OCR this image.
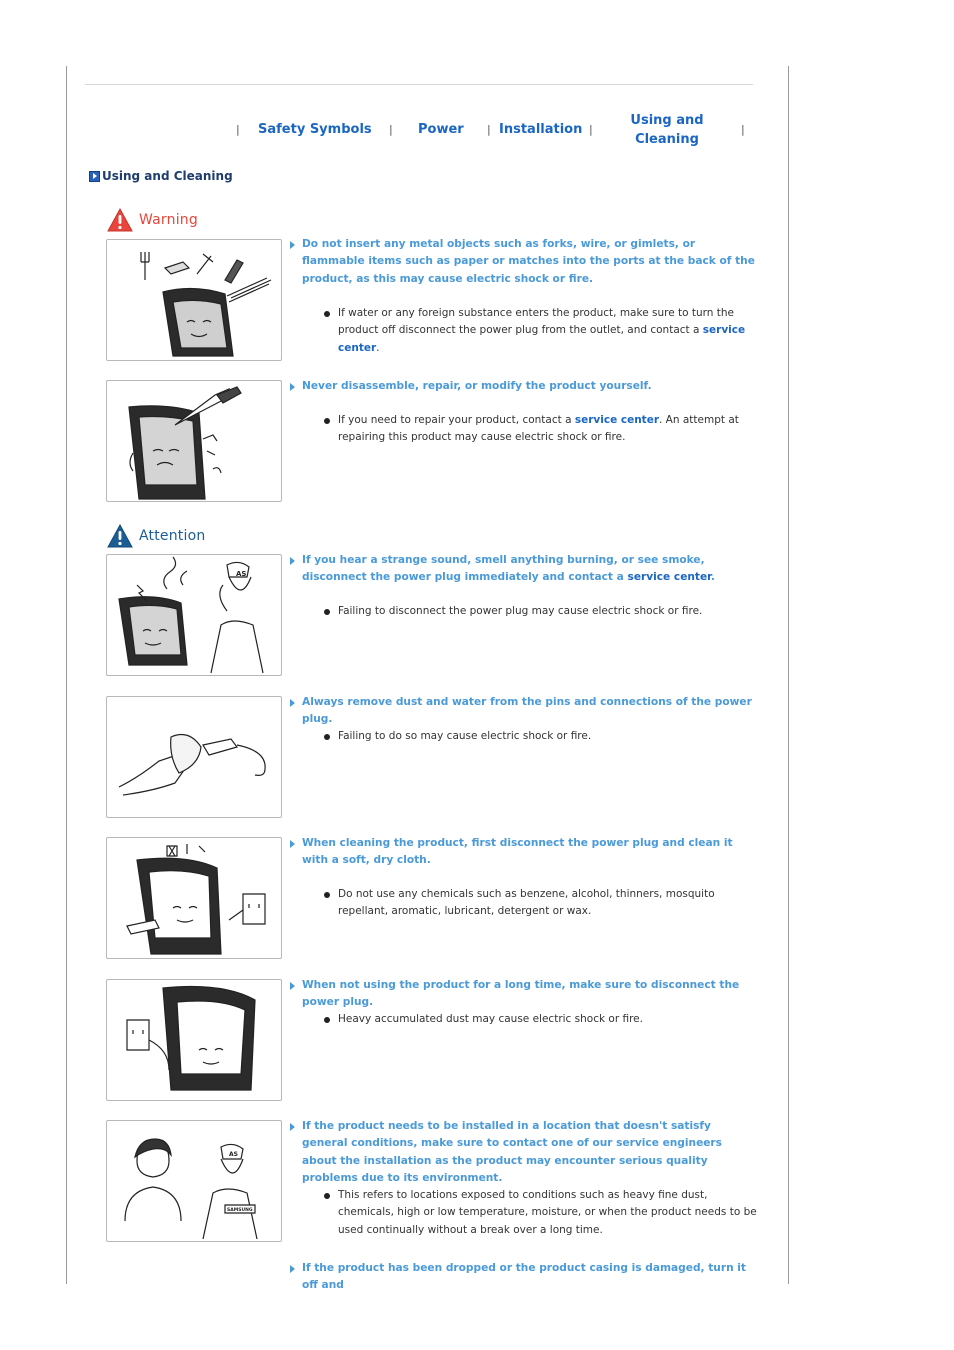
| Safety Symbols | Power | Installation |
Using and
Cleaning
|
Using and Cleaning
Warning
Attention
Do not insert any metal objects such as forks, wire, or gimlets, or flammable items such as paper or matches into the ports at the back of the product, as this may cause electric shock or fire.
If water or any foreign substance enters the product, make sure to turn the product off disconnect the power plug from the outlet, and contact a service center.
Never disassemble, repair, or modify the product yourself.
If you need to repair your product, contact a service center. An attempt at repairing this product may cause electric shock or fire.
AS
If you hear a strange sound, smell anything burning, or see smoke, disconnect the power plug immediately and contact a service center.
Failing to disconnect the power plug may cause electric shock or fire.
Always remove dust and water from the pins and connections of the power plug.
Failing to do so may cause electric shock or fire.
When cleaning the product, first disconnect the power plug and clean it with a soft, dry cloth.
Do not use any chemicals such as benzene, alcohol, thinners, mosquito repellant, aromatic, lubricant, detergent or wax.
When not using the product for a long time, make sure to disconnect the power plug.
Heavy accumulated dust may cause electric shock or fire.
AS
SAMSUNG
If the product needs to be installed in a location that doesn't satisfy general conditions, make sure to contact one of our service engineers about the installation as the product may encounter serious quality problems due to its environment.
This refers to locations exposed to conditions such as heavy fine dust, chemicals, high or low temperature, moisture, or when the product needs to be used continually without a break over a long time.
If the product has been dropped or the product casing is damaged, turn it off and
